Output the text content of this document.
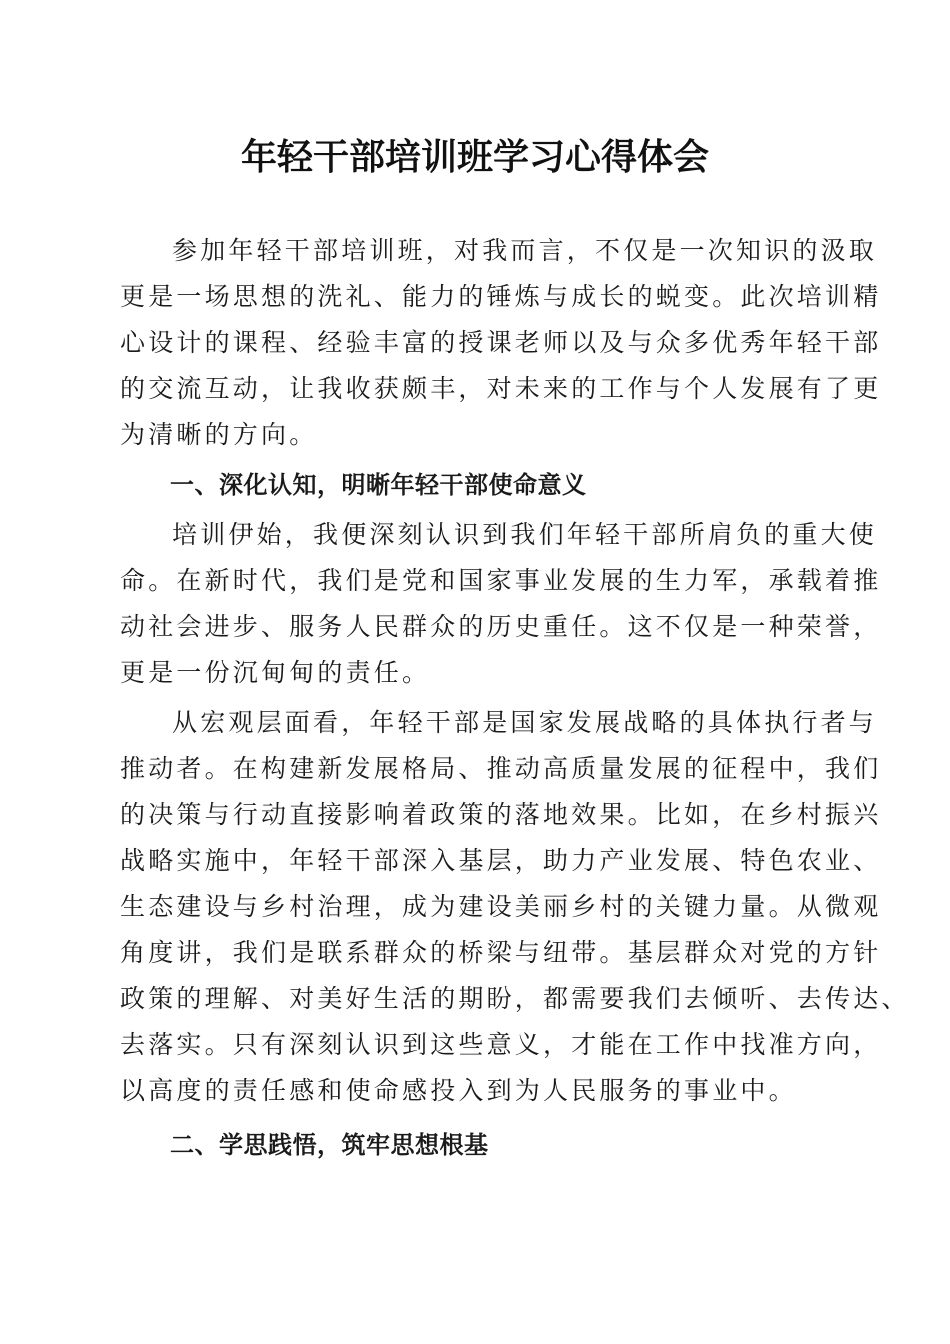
年轻干部培训班学习心得体会
参加年轻干部培训班，对我而言，不仅是一次知识的汲取
更是一场思想的洗礼、能力的锤炼与成长的蜕变。此次培训精
心设计的课程、经验丰富的授课老师以及与众多优秀年轻干部
的交流互动，让我收获颇丰，对未来的工作与个人发展有了更
为清晰的方向。
一、深化认知，明晰年轻干部使命意义
培训伊始，我便深刻认识到我们年轻干部所肩负的重大使
命。在新时代，我们是党和国家事业发展的生力军，承载着推
动社会进步、服务人民群众的历史重任。这不仅是一种荣誉，
更是一份沉甸甸的责任。
从宏观层面看，年轻干部是国家发展战略的具体执行者与
推动者。在构建新发展格局、推动高质量发展的征程中，我们
的决策与行动直接影响着政策的落地效果。比如，在乡村振兴
战略实施中，年轻干部深入基层，助力产业发展、特色农业、
生态建设与乡村治理，成为建设美丽乡村的关键力量。从微观
角度讲，我们是联系群众的桥梁与纽带。基层群众对党的方针
政策的理解、对美好生活的期盼，都需要我们去倾听、去传达、
去落实。只有深刻认识到这些意义，才能在工作中找准方向，
以高度的责任感和使命感投入到为人民服务的事业中。
二、学思践悟，筑牢思想根基
